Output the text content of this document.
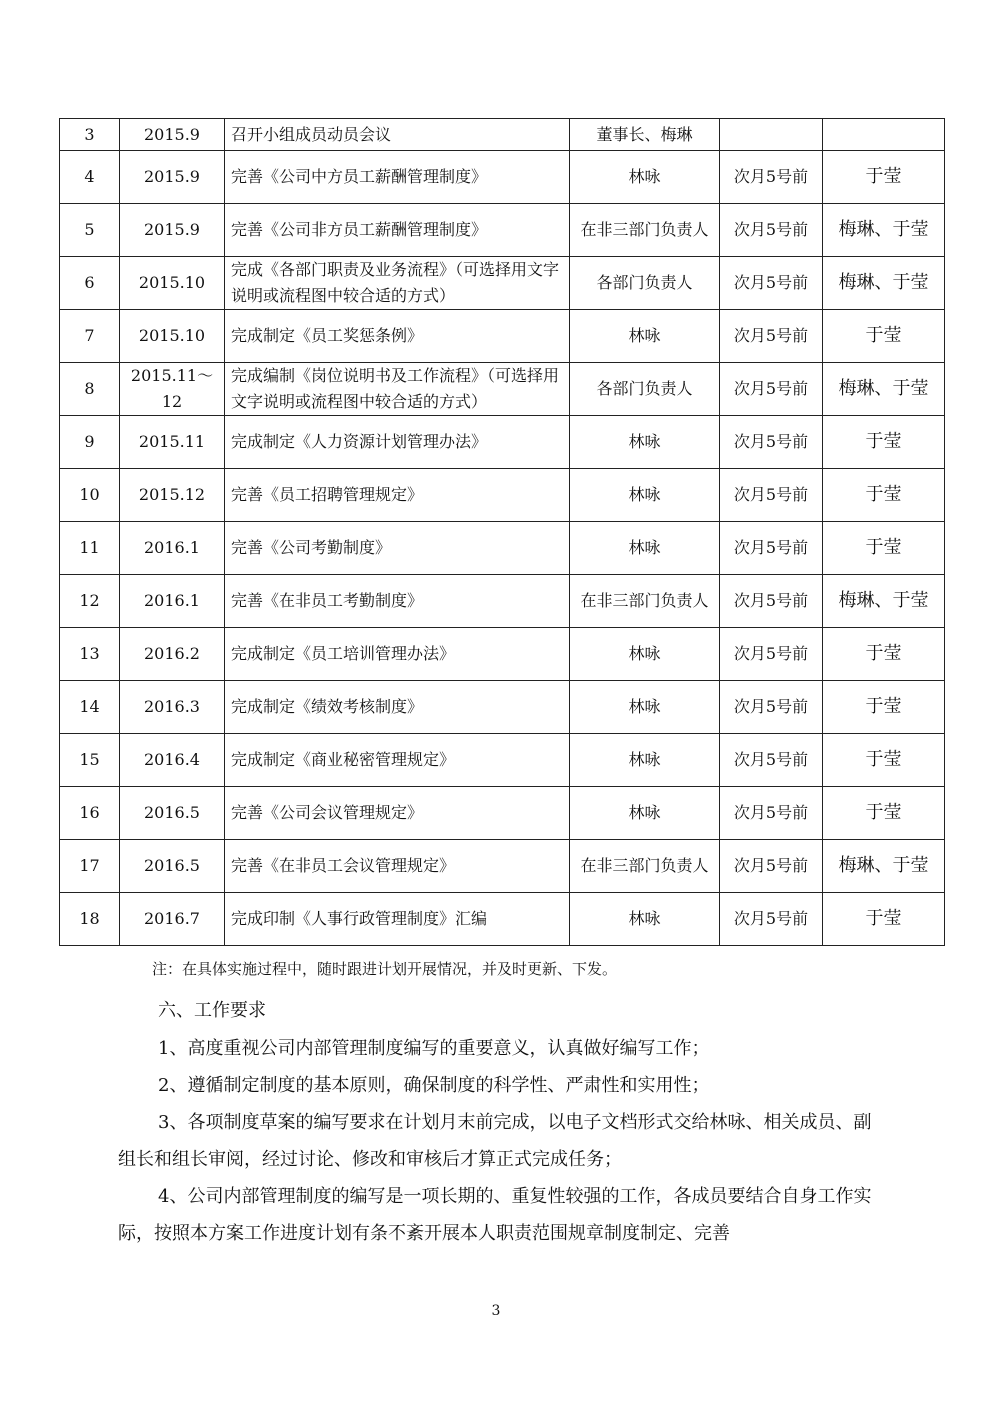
3	2015.9	召开小组成员动员会议	董事长、梅琳		
4	2015.9	完善《公司中方员工薪酬管理制度》	林咏	次月5号前	于莹
5	2015.9	完善《公司非方员工薪酬管理制度》	在非三部门负责人	次月5号前	梅琳、于莹
6	2015.10	完成《各部门职责及业务流程》（可选择用文字说明或流程图中较合适的方式）	各部门负责人	次月5号前	梅琳、于莹
7	2015.10	完成制定《员工奖惩条例》	林咏	次月5号前	于莹
8	2015.11～12	完成编制《岗位说明书及工作流程》（可选择用文字说明或流程图中较合适的方式）	各部门负责人	次月5号前	梅琳、于莹
9	2015.11	完成制定《人力资源计划管理办法》	林咏	次月5号前	于莹
10	2015.12	完善《员工招聘管理规定》	林咏	次月5号前	于莹
11	2016.1	完善《公司考勤制度》	林咏	次月5号前	于莹
12	2016.1	完善《在非员工考勤制度》	在非三部门负责人	次月5号前	梅琳、于莹
13	2016.2	完成制定《员工培训管理办法》	林咏	次月5号前	于莹
14	2016.3	完成制定《绩效考核制度》	林咏	次月5号前	于莹
15	2016.4	完成制定《商业秘密管理规定》	林咏	次月5号前	于莹
16	2016.5	完善《公司会议管理规定》	林咏	次月5号前	于莹
17	2016.5	完善《在非员工会议管理规定》	在非三部门负责人	次月5号前	梅琳、于莹
18	2016.7	完成印制《人事行政管理制度》汇编	林咏	次月5号前	于莹
注：在具体实施过程中，随时跟进计划开展情况，并及时更新、下发。
六、工作要求

1、高度重视公司内部管理制度编写的重要意义，认真做好编写工作；

2、遵循制定制度的基本原则，确保制度的科学性、严肃性和实用性；

3、各项制度草案的编写要求在计划月末前完成，以电子文档形式交给林咏、相关成员、副组长和组长审阅，经过讨论、修改和审核后才算正式完成任务；

4、公司内部管理制度的编写是一项长期的、重复性较强的工作，各成员要结合自身工作实际，按照本方案工作进度计划有条不紊开展本人职责范围规章制度制定、完善

3
